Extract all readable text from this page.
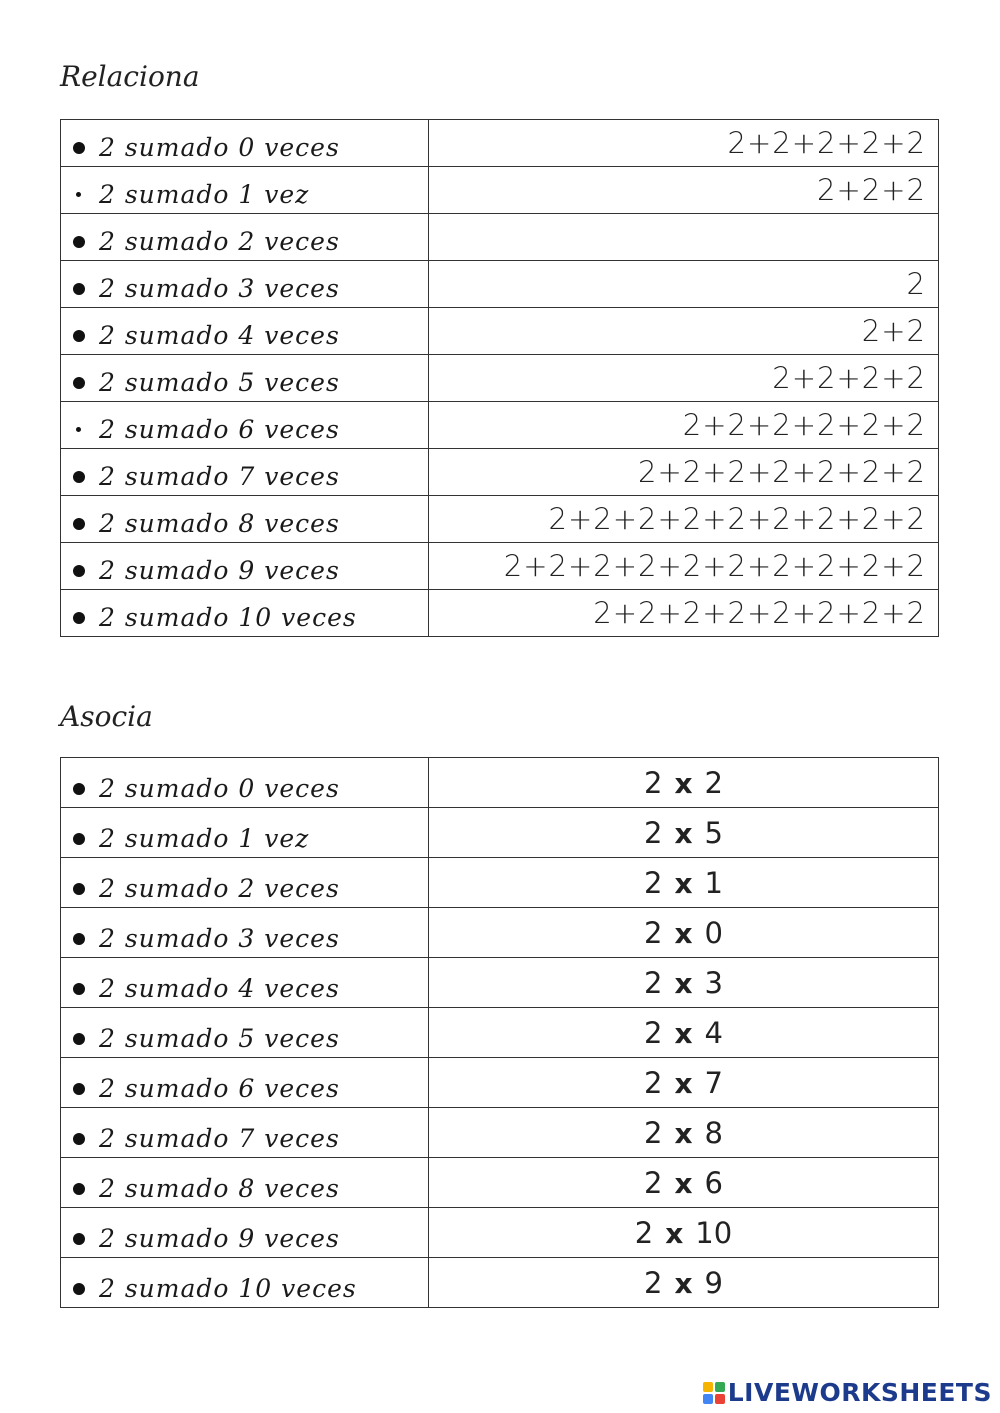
Relaciona
2 sumado 0 veces	2+2+2+2+2

2 sumado 1 vez	2+2+2

2 sumado 2 veces	

2 sumado 3 veces	2

2 sumado 4 veces	2+2

2 sumado 5 veces	2+2+2+2

2 sumado 6 veces	2+2+2+2+2+2

2 sumado 7 veces	2+2+2+2+2+2+2

2 sumado 8 veces	2+2+2+2+2+2+2+2+2

2 sumado 9 veces	2+2+2+2+2+2+2+2+2+2

2 sumado 10 veces	2+2+2+2+2+2+2+2
Asocia
2 sumado 0 veces	2 x 2

2 sumado 1 vez	2 x 5

2 sumado 2 veces	2 x 1

2 sumado 3 veces	2 x 0

2 sumado 4 veces	2 x 3

2 sumado 5 veces	2 x 4

2 sumado 6 veces	2 x 7

2 sumado 7 veces	2 x 8

2 sumado 8 veces	2 x 6

2 sumado 9 veces	2 x 10

2 sumado 10 veces	2 x 9
LIVEWORKSHEETS
